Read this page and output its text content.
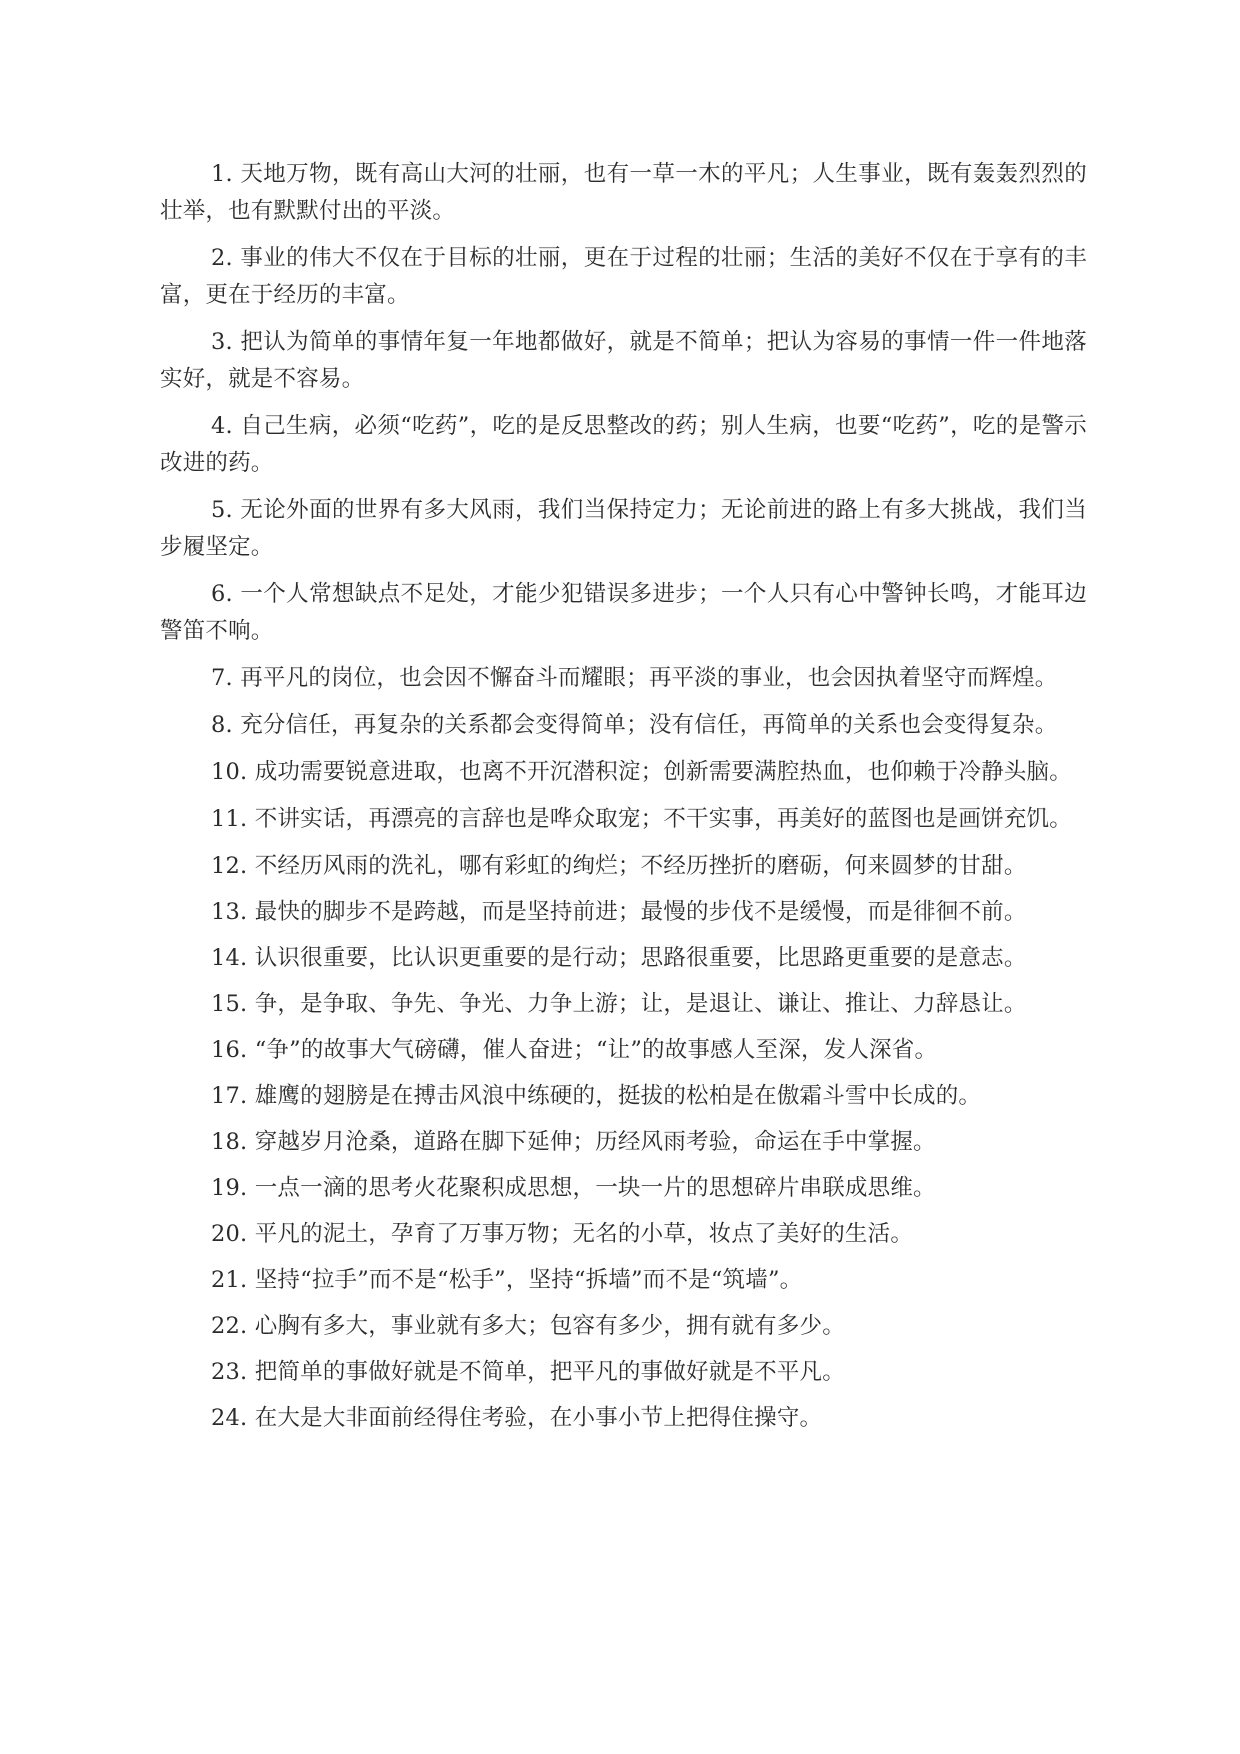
1. 天地万物，既有高山大河的壮丽，也有一草一木的平凡；人生事业，既有轰轰烈烈的壮举，也有默默付出的平淡。

2. 事业的伟大不仅在于目标的壮丽，更在于过程的壮丽；生活的美好不仅在于享有的丰富，更在于经历的丰富。

3. 把认为简单的事情年复一年地都做好，就是不简单；把认为容易的事情一件一件地落实好，就是不容易。

4. 自己生病，必须“吃药”，吃的是反思整改的药；别人生病，也要“吃药”，吃的是警示改进的药。

5. 无论外面的世界有多大风雨，我们当保持定力；无论前进的路上有多大挑战，我们当步履坚定。

6. 一个人常想缺点不足处，才能少犯错误多进步；一个人只有心中警钟长鸣，才能耳边警笛不响。

7. 再平凡的岗位，也会因不懈奋斗而耀眼；再平淡的事业，也会因执着坚守而辉煌。

8. 充分信任，再复杂的关系都会变得简单；没有信任，再简单的关系也会变得复杂。

10. 成功需要锐意进取，也离不开沉潜积淀；创新需要满腔热血，也仰赖于冷静头脑。

11. 不讲实话，再漂亮的言辞也是哗众取宠；不干实事，再美好的蓝图也是画饼充饥。

12. 不经历风雨的洗礼，哪有彩虹的绚烂；不经历挫折的磨砺，何来圆梦的甘甜。

13. 最快的脚步不是跨越，而是坚持前进；最慢的步伐不是缓慢，而是徘徊不前。

14. 认识很重要，比认识更重要的是行动；思路很重要，比思路更重要的是意志。

15. 争，是争取、争先、争光、力争上游；让，是退让、谦让、推让、力辞恳让。

16. “争”的故事大气磅礴，催人奋进；“让”的故事感人至深，发人深省。

17. 雄鹰的翅膀是在搏击风浪中练硬的，挺拔的松柏是在傲霜斗雪中长成的。

18. 穿越岁月沧桑，道路在脚下延伸；历经风雨考验，命运在手中掌握。

19. 一点一滴的思考火花聚积成思想，一块一片的思想碎片串联成思维。

20. 平凡的泥土，孕育了万事万物；无名的小草，妆点了美好的生活。

21. 坚持“拉手”而不是“松手”，坚持“拆墙”而不是“筑墙”。

22. 心胸有多大，事业就有多大；包容有多少，拥有就有多少。

23. 把简单的事做好就是不简单，把平凡的事做好就是不平凡。

24. 在大是大非面前经得住考验，在小事小节上把得住操守。
